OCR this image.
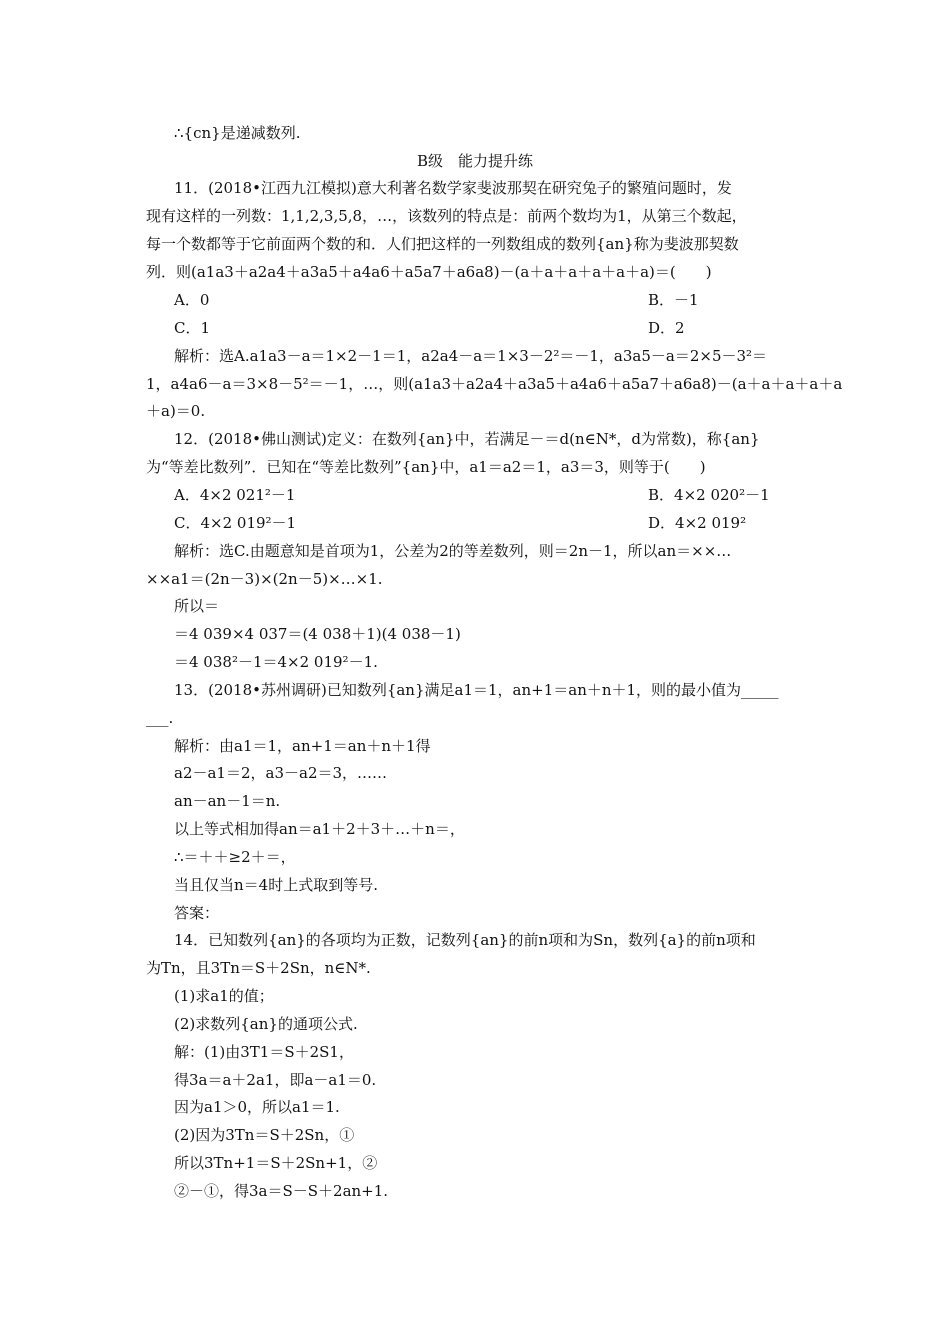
∴{cn}是递减数列.
B级　能力提升练
11．(2018•江西九江模拟)意大利著名数学家斐波那契在研究兔子的繁殖问题时，发
现有这样的一列数：1,1,2,3,5,8，…，该数列的特点是：前两个数均为1，从第三个数起，
每一个数都等于它前面两个数的和．人们把这样的一列数组成的数列{an}称为斐波那契数
列．则(a1a3＋a2a4＋a3a5＋a4a6＋a5a7＋a6a8)－(a＋a＋a＋a＋a＋a)＝(　　)
A．0	B．－1
C．1	D．2
解析：选A.a1a3－a＝1×2－1＝1，a2a4－a＝1×3－2²＝－1，a3a5－a＝2×5－3²＝
1，a4a6－a＝3×8－5²＝－1，…，则(a1a3＋a2a4＋a3a5＋a4a6＋a5a7＋a6a8)－(a＋a＋a＋a＋a
＋a)＝0.
12．(2018•佛山测试)定义：在数列{an}中，若满足－＝d(n∈N*，d为常数)，称{an}
为“等差比数列”．已知在“等差比数列”{an}中，a1＝a2＝1，a3＝3，则等于(　　)
A．4×2 021²－1	B．4×2 020²－1
C．4×2 019²－1	D．4×2 019²
解析：选C.由题意知是首项为1，公差为2的等差数列，则＝2n－1，所以an＝××…
××a1＝(2n－3)×(2n－5)×…×1.
所以＝
＝4 039×4 037＝(4 038＋1)(4 038－1)
＝4 038²－1＝4×2 019²－1.
13．(2018•苏州调研)已知数列{an}满足a1＝1，an+1＝an＋n＋1，则的最小值为_____
___.
解析：由a1＝1，an+1＝an＋n＋1得
a2－a1＝2，a3－a2＝3，……
an－an－1＝n.
以上等式相加得an＝a1＋2＋3＋…＋n＝，
∴＝＋＋≥2＋＝，
当且仅当n＝4时上式取到等号.
答案：
14．已知数列{an}的各项均为正数，记数列{an}的前n项和为Sn，数列{a}的前n项和
为Tn，且3Tn＝S＋2Sn，n∈N*.
(1)求a1的值；
(2)求数列{an}的通项公式.
解：(1)由3T1＝S＋2S1，
得3a＝a＋2a1，即a－a1＝0.
因为a1＞0，所以a1＝1.
(2)因为3Tn＝S＋2Sn，①
所以3Tn+1＝S＋2Sn+1，②
②－①，得3a＝S－S＋2an+1.
